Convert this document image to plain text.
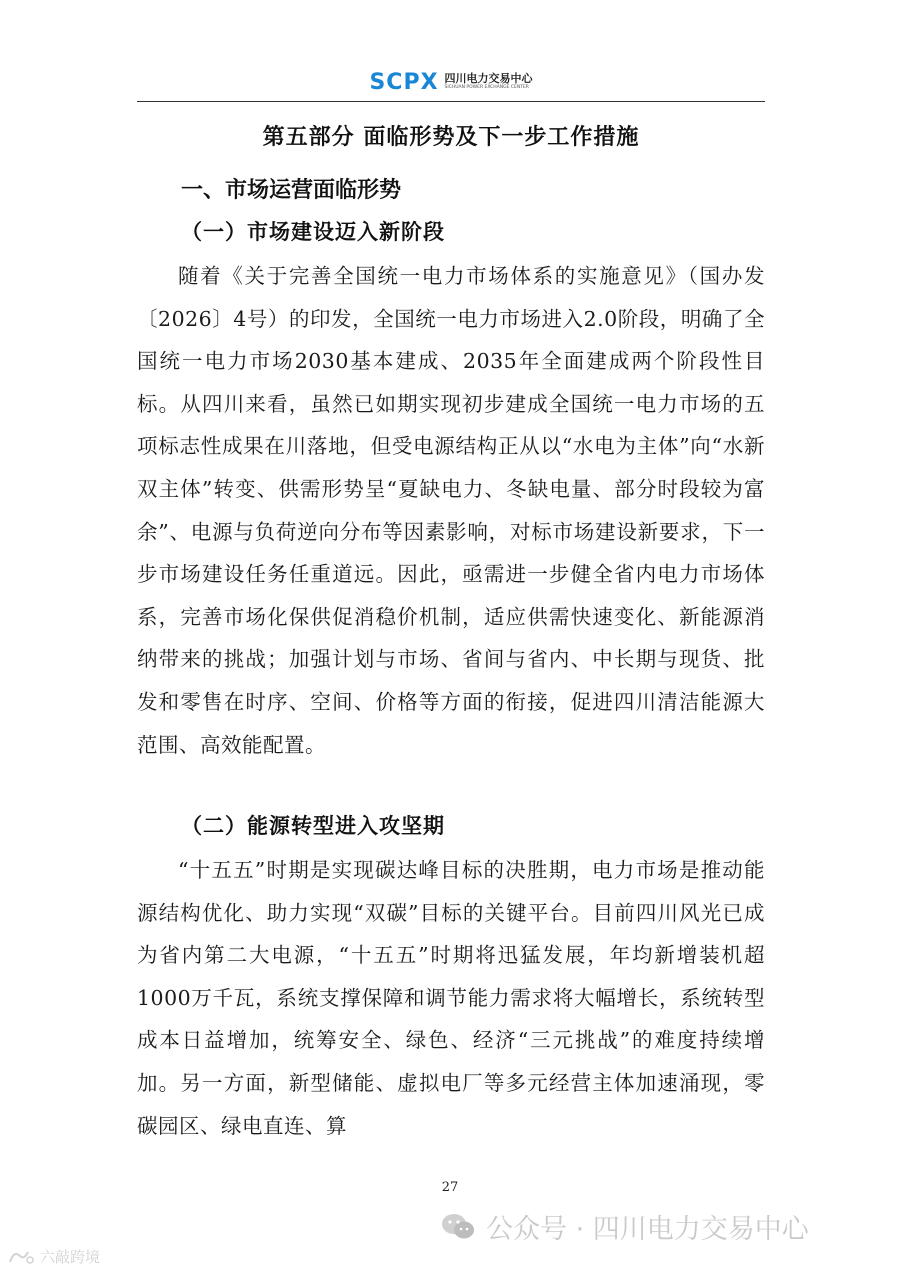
SCPX 四川电力交易中心
SICHUAN POWER EXCHANGE CENTER
第五部分 面临形势及下一步工作措施
一、市场运营面临形势
（一）市场建设迈入新阶段
随着《关于完善全国统一电力市场体系的实施意见》（国办发〔2026〕4号）的印发，全国统一电力市场进入2.0阶段，明确了全国统一电力市场2030基本建成、2035年全面建成两个阶段性目标。从四川来看，虽然已如期实现初步建成全国统一电力市场的五项标志性成果在川落地，但受电源结构正从以“水电为主体”向“水新双主体”转变、供需形势呈“夏缺电力、冬缺电量、部分时段较为富余”、电源与负荷逆向分布等因素影响，对标市场建设新要求，下一步市场建设任务任重道远。因此，亟需进一步健全省内电力市场体系，完善市场化保供促消稳价机制，适应供需快速变化、新能源消纳带来的挑战；加强计划与市场、省间与省内、中长期与现货、批发和零售在时序、空间、价格等方面的衔接，促进四川清洁能源大范围、高效能配置。
（二）能源转型进入攻坚期
“十五五”时期是实现碳达峰目标的决胜期，电力市场是推动能源结构优化、助力实现“双碳”目标的关键平台。目前四川风光已成为省内第二大电源，“十五五”时期将迅猛发展，年均新增装机超1000万千瓦，系统支撑保障和调节能力需求将大幅增长，系统转型成本日益增加，统筹安全、绿色、经济“三元挑战”的难度持续增加。另一方面，新型储能、虚拟电厂等多元经营主体加速涌现，零碳园区、绿电直连、算
27
公众号 · 四川电力交易中心
六敲跨境
